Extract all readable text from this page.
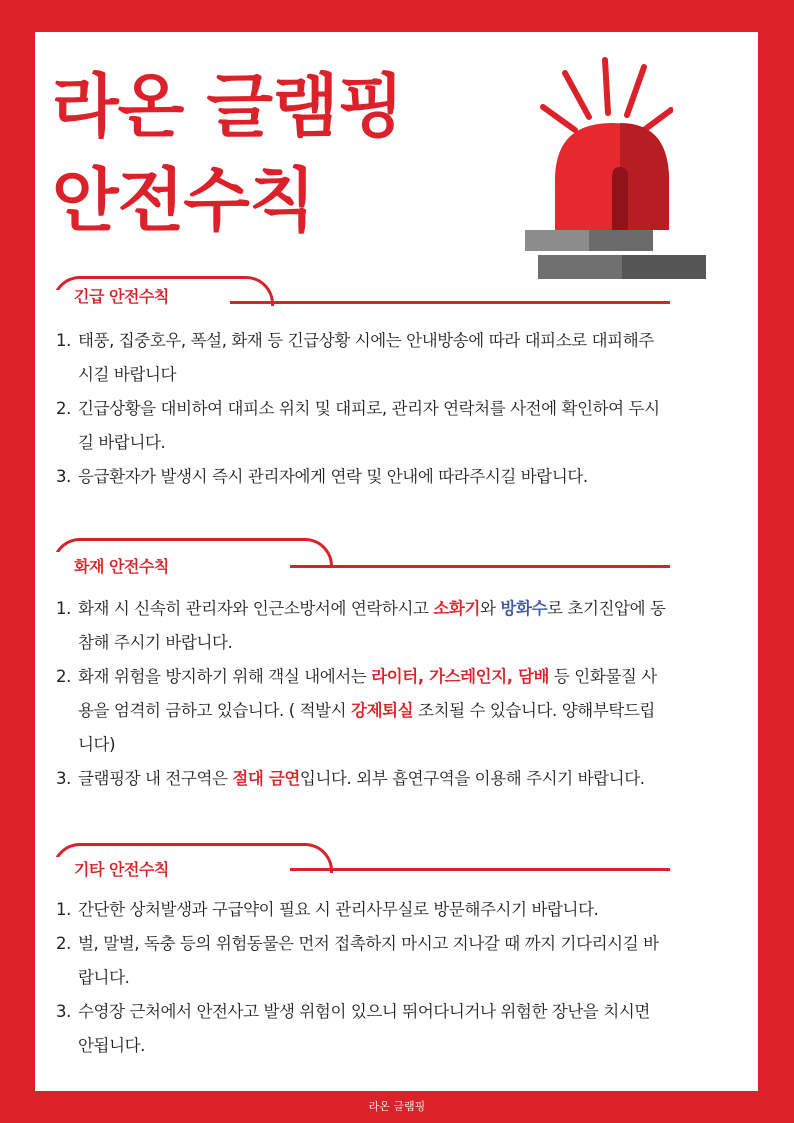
라온 글램핑
안전수칙
긴급 안전수칙
1. 태풍, 집중호우, 폭설, 화재 등 긴급상황 시에는 안내방송에 따라 대피소로 대피해주시길 바랍니다
2. 긴급상황을 대비하여 대피소 위치 및 대피로, 관리자 연락처를 사전에 확인하여 두시길 바랍니다.
3. 응급환자가 발생시 즉시 관리자에게 연락 및 안내에 따라주시길 바랍니다.
화재 안전수칙
1. 화재 시 신속히 관리자와 인근소방서에 연락하시고 소화기와 방화수로 초기진압에 동참해 주시기 바랍니다.
2. 화재 위험을 방지하기 위해 객실 내에서는 라이터, 가스레인지, 담배 등 인화물질 사용을 엄격히 금하고 있습니다. ( 적발시 강제퇴실 조치될 수 있습니다. 양해부탁드립니다)
3. 글램핑장 내 전구역은 절대 금연입니다. 외부 흡연구역을 이용해 주시기 바랍니다.
기타 안전수칙
1. 간단한 상처발생과 구급약이 필요 시 관리사무실로 방문해주시기 바랍니다.
2. 벌, 말벌, 독충 등의 위험동물은 먼저 접촉하지 마시고 지나갈 때 까지 기다리시길 바랍니다.
3. 수영장 근처에서 안전사고 발생 위험이 있으니 뛰어다니거나 위험한 장난을 치시면 안됩니다.
라온 글램핑
